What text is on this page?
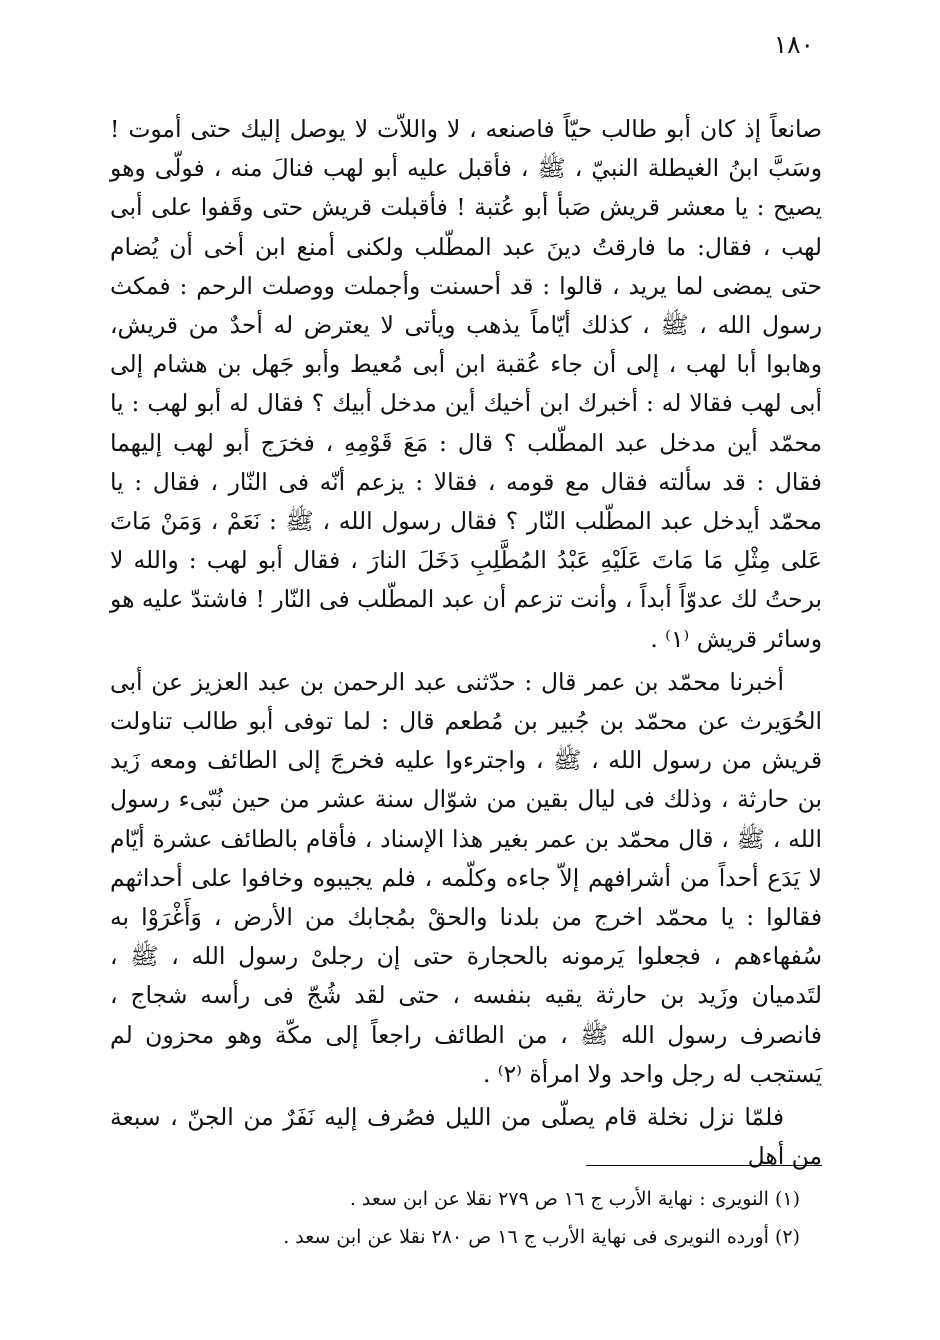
١٨٠

صانعاً إذ كان أبو طالب حيّاً فاصنعه ، لا واللاّت لا يوصل إليك حتى أموت ! وسَبَّ ابنُ الغيطلة النبيّ ، ﷺ ، فأقبل عليه أبو لهب فنالَ منه ، فولّى وهو يصيح : يا معشر قريش صَبأ أبو عُتبة ! فأقبلت قريش حتى وقَفوا على أبى لهب ، فقال: ما فارقتُ دينَ عبد المطّلب ولكنى أمنع ابن أخى أن يُضام حتى يمضى لما يريد ، قالوا : قد أحسنت وأجملت ووصلت الرحم : فمكث رسول الله ، ﷺ ، كذلك أيّاماً يذهب ويأتى لا يعترض له أحدٌ من قريش، وهابوا أبا لهب ، إلى أن جاء عُقبة ابن أبى مُعيط وأبو جَهل بن هشام إلى أبى لهب فقالا له : أخبرك ابن أخيك أين مدخل أبيك ؟ فقال له أبو لهب : يا محمّد أين مدخل عبد المطّلب ؟ قال : مَعَ قَوْمِهِ ، فخرَج أبو لهب إليهما فقال : قد سألته فقال مع قومه ، فقالا : يزعم أنّه فى النّار ، فقال : يا محمّد أيدخل عبد المطّلب النّار ؟ فقال رسول الله ، ﷺ : نَعَمْ ، وَمَنْ مَاتَ عَلى مِثْلِ مَا مَاتَ عَلَيْهِ عَبْدُ المُطَّلِبِ دَخَلَ النارَ ، فقال أبو لهب : والله لا برحتُ لك عدوّاً أبداً ، وأنت تزعم أن عبد المطّلب فى النّار ! فاشتدّ عليه هو وسائر قريش ⁽١⁾ .

أخبرنا محمّد بن عمر قال : حدّثنى عبد الرحمن بن عبد العزيز عن أبى الحُوَيرث عن محمّد بن جُبير بن مُطعم قال : لما توفى أبو طالب تناولت قريش من رسول الله ، ﷺ ، واجترءوا عليه فخرجَ إلى الطائف ومعه زَيد بن حارثة ، وذلك فى ليال بقين من شوّال سنة عشر من حين نُبّىء رسول الله ، ﷺ ، قال محمّد بن عمر بغير هذا الإسناد ، فأقام بالطائف عشرة أيّام لا يَدَع أحداً من أشرافهم إلاّ جاءه وكلّمه ، فلم يجيبوه وخافوا على أحداثهم فقالوا : يا محمّد اخرج من بلدنا والحقْ بمُجابك من الأرض ، وَأَغْرَوْا به سُفهاءهم ، فجعلوا يَرمونه بالحجارة حتى إن رجلىْ رسول الله ، ﷺ ، لتَدميان وزَيد بن حارثة يقيه بنفسه ، حتى لقد شُجّ فى رأسه شجاج ، فانصرف رسول الله ﷺ ، من الطائف راجعاً إلى مكّة وهو محزون لم يَستجب له رجل واحد ولا امرأة ⁽٢⁾ .

فلمّا نزل نخلة قام يصلّى من الليل فصُرف إليه نَفَرٌ من الجنّ ، سبعة من أهل

(١) النويرى : نهاية الأرب ج ١٦ ص ٢٧٩ نقلا عن ابن سعد .

(٢) أورده النويرى فى نهاية الأرب ج ١٦ ص ٢٨٠ نقلا عن ابن سعد .
